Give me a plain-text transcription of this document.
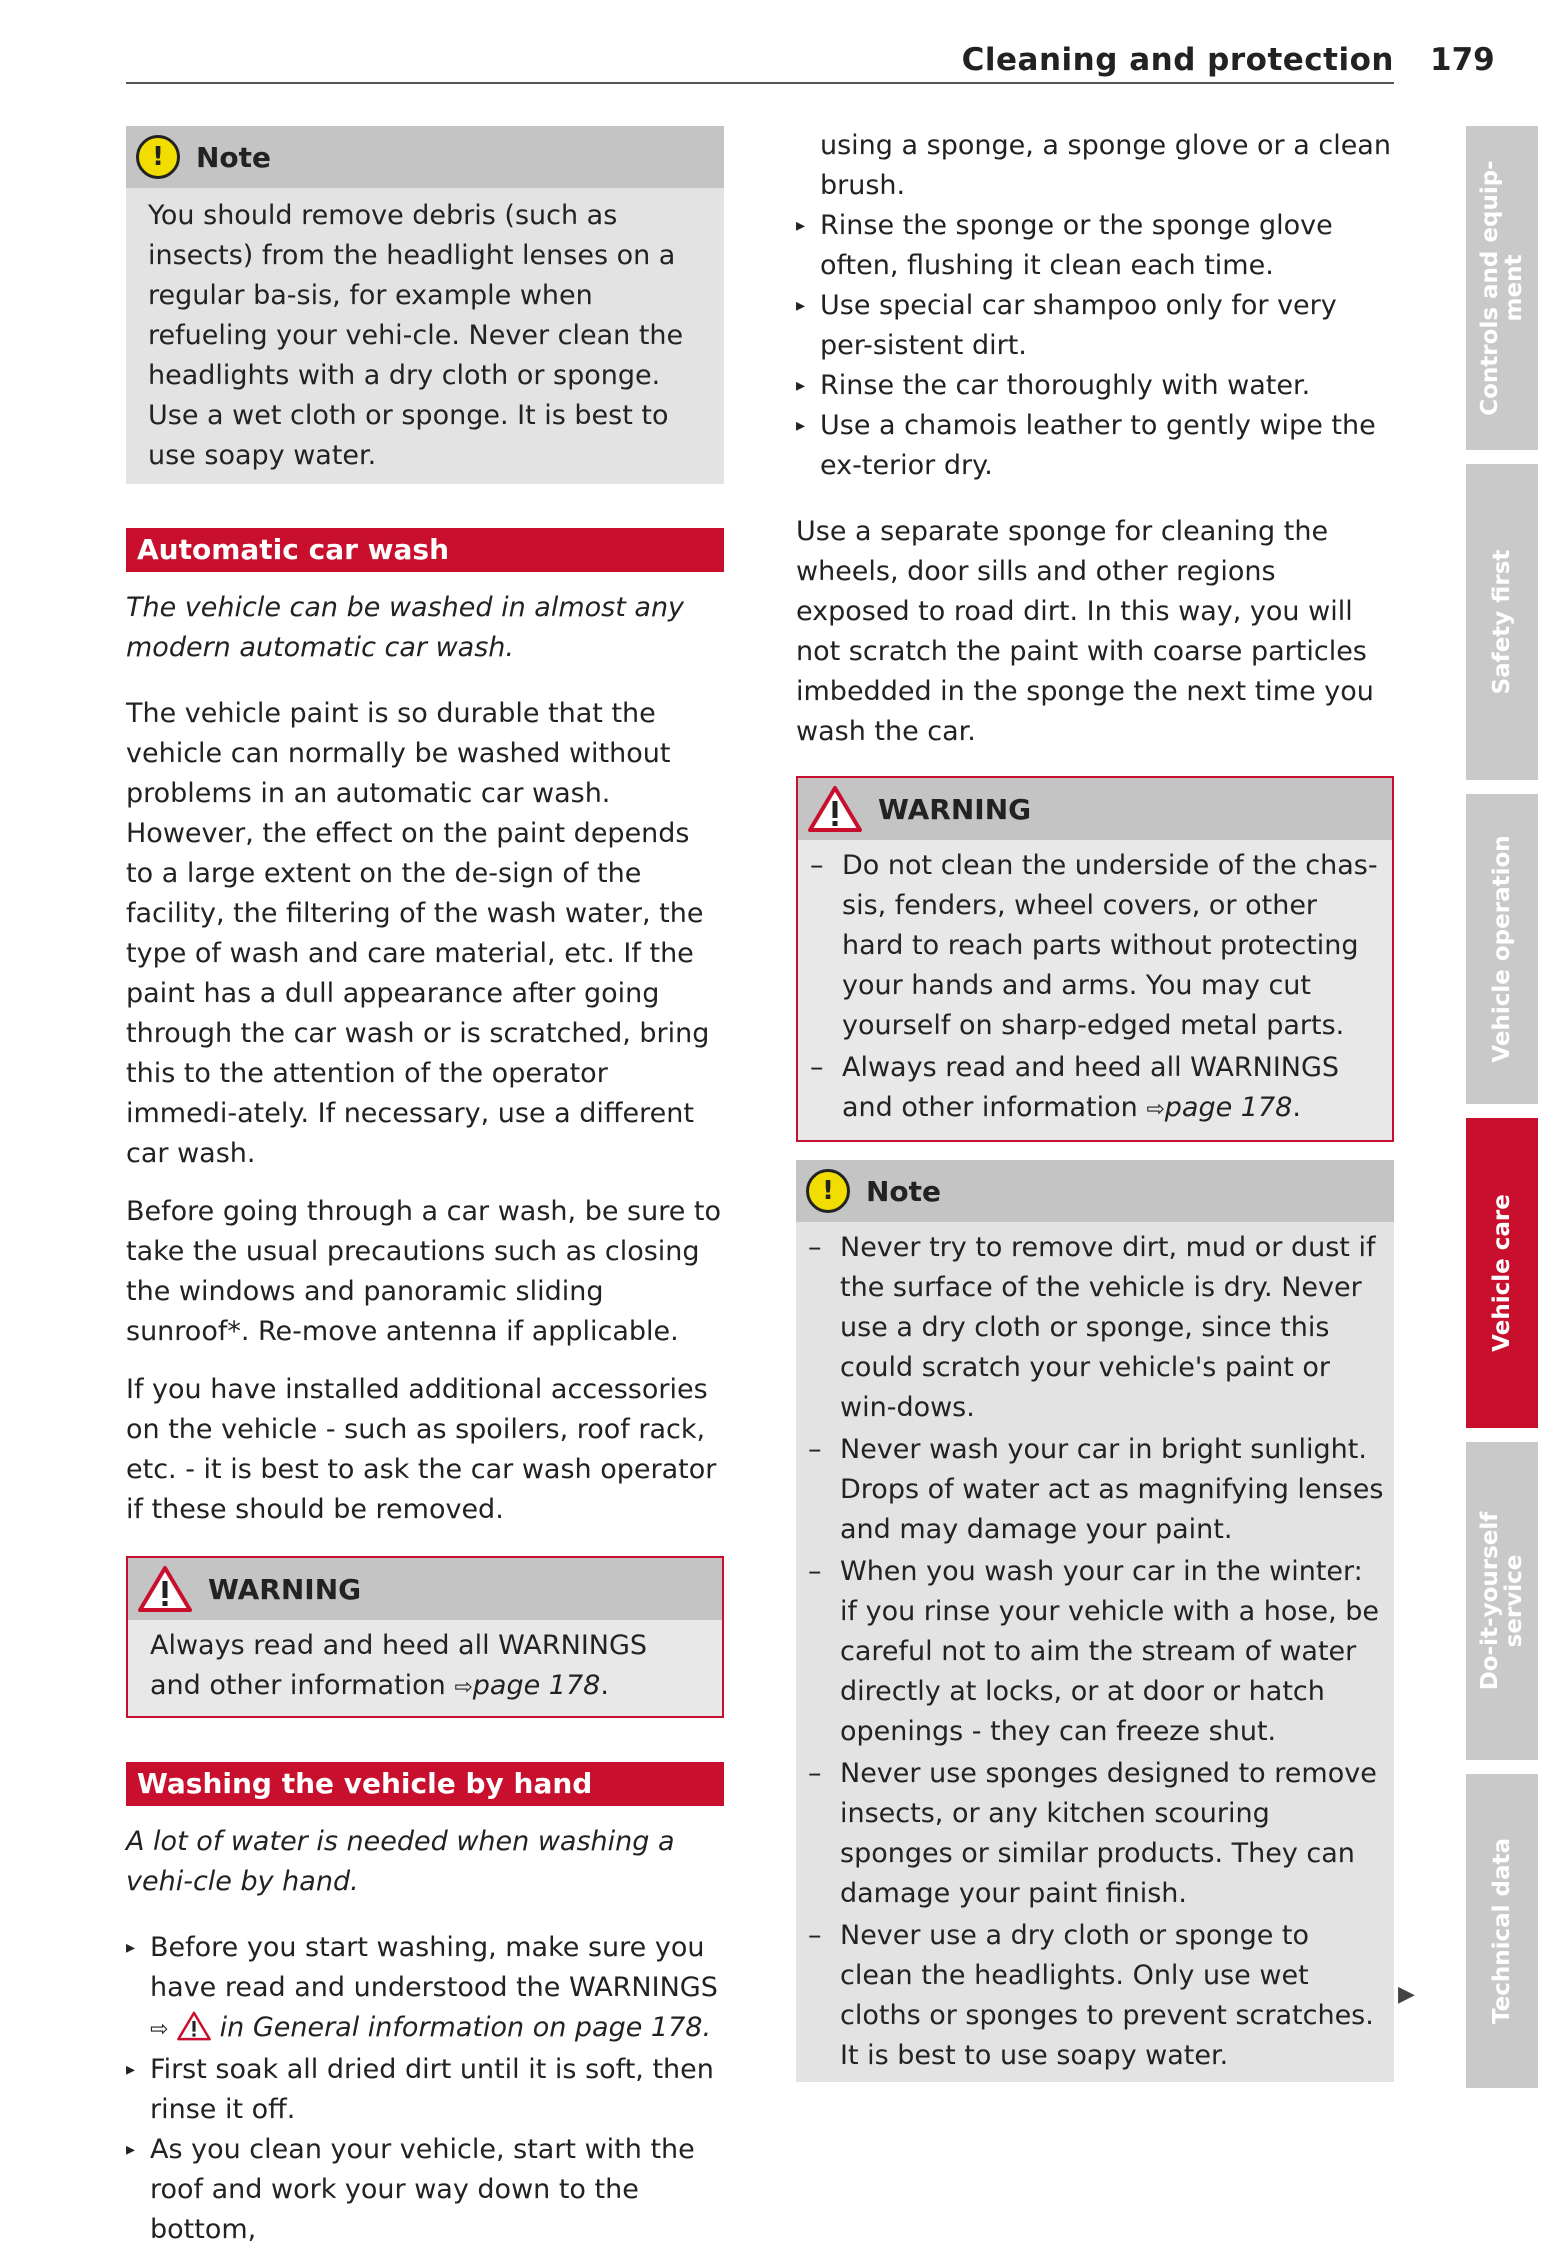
Cleaning and protection 179
!	Note

You should remove debris (such as insects) from the headlight lenses on a regular ba-sis, for example when refueling your vehi-cle. Never clean the headlights with a dry cloth or sponge. Use a wet cloth or sponge. It is best to use soapy water.

Automatic car wash

The vehicle can be washed in almost any modern automatic car wash.

The vehicle paint is so durable that the vehicle can normally be washed without problems in an automatic car wash. However, the effect on the paint depends to a large extent on the de-sign of the facility, the filtering of the wash water, the type of wash and care material, etc. If the paint has a dull appearance after going through the car wash or is scratched, bring this to the attention of the operator immedi-ately. If necessary, use a different car wash.

Before going through a car wash, be sure to take the usual precautions such as closing the windows and panoramic sliding sunroof*. Re-move antenna if applicable.

If you have installed additional accessories on the vehicle - such as spoilers, roof rack, etc. - it is best to ask the car wash operator if these should be removed.

WARNING

Always read and heed all WARNINGS and other information ⇨page 178.

Washing the vehicle by hand

A lot of water is needed when washing a vehi-cle by hand.

▸ Before you start washing, make sure you have read and understood the WARNINGS ⇨ in General information on page 178.
▸ First soak all dried dirt until it is soft, then rinse it off.
▸ As you clean your vehicle, start with the roof and work your way down to the bottom,
using a sponge, a sponge glove or a clean brush.
▸ Rinse the sponge or the sponge glove often, flushing it clean each time.
▸ Use special car shampoo only for very per-sistent dirt.
▸ Rinse the car thoroughly with water.
▸ Use a chamois leather to gently wipe the ex-terior dry.

Use a separate sponge for cleaning the wheels, door sills and other regions exposed to road dirt. In this way, you will not scratch the paint with coarse particles imbedded in the sponge the next time you wash the car.

WARNING
– Do not clean the underside of the chas-sis, fenders, wheel covers, or other hard to reach parts without protecting your hands and arms. You may cut yourself on sharp-edged metal parts.
– Always read and heed all WARNINGS and other information ⇨page 178.
!	Note
– Never try to remove dirt, mud or dust if the surface of the vehicle is dry. Never use a dry cloth or sponge, since this could scratch your vehicle's paint or win-dows.
– Never wash your car in bright sunlight. Drops of water act as magnifying lenses and may damage your paint.
– When you wash your car in the winter: if you rinse your vehicle with a hose, be careful not to aim the stream of water directly at locks, or at door or hatch openings - they can freeze shut.
– Never use sponges designed to remove insects, or any kitchen scouring sponges or similar products. They can damage your paint finish.
– Never use a dry cloth or sponge to clean the headlights. Only use wet cloths or sponges to prevent scratches. It is best to use soapy water.
▶
Controls and equip-
ment
Safety first
Vehicle operation
Vehicle care
Do-it-yourself
service
Technical data
